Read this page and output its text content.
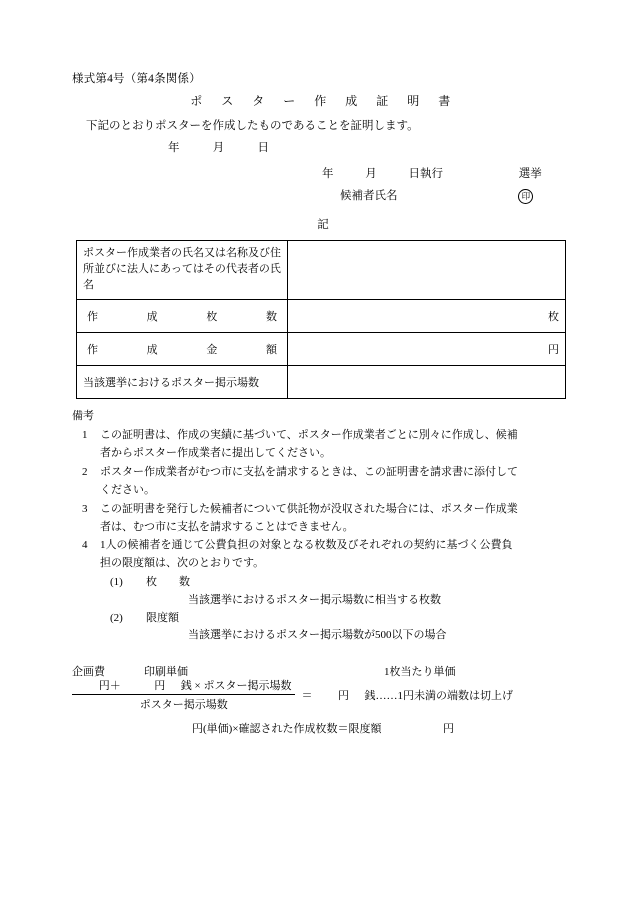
様式第4号（第4条関係）
ポ　ス　タ　ー　作　成　証　明　書
下記のとおりポスターを作成したものであることを証明します。
年	月	日
年	月	日執行	選挙
候補者氏名	印
記
ポスター作成業者の氏名又は名称及び住所並びに法人にあってはその代表者の氏名	

作 成 枚 数	枚

作 成 金 額	円
当該選挙におけるポスター掲示場数	
備考
1	この証明書は、作成の実績に基づいて、ポスター作成業者ごとに別々に作成し、候補
者からポスター作成業者に提出してください。
2	ポスター作成業者がむつ市に支払を請求するときは、この証明書を請求書に添付して
ください。
3	この証明書を発行した候補者について供託物が没収された場合には、ポスター作成業
者は、むつ市に支払を請求することはできません。
4	1人の候補者を通じて公費負担の対象となる枚数及びそれぞれの契約に基づく公費負
担の限度額は、次のとおりです。
(1)	枚　　数
当該選挙におけるポスター掲示場数に相当する枚数
(2)	限度額
当該選挙におけるポスター掲示場数が500以下の場合
企画費	印刷単価	1枚当たり単価
円＋	円 銭 × ポスター掲示場数
ポスター掲示場数
＝ 円 銭……1円未満の端数は切上げ
円(単価)×確認された作成枚数＝限度額	円
